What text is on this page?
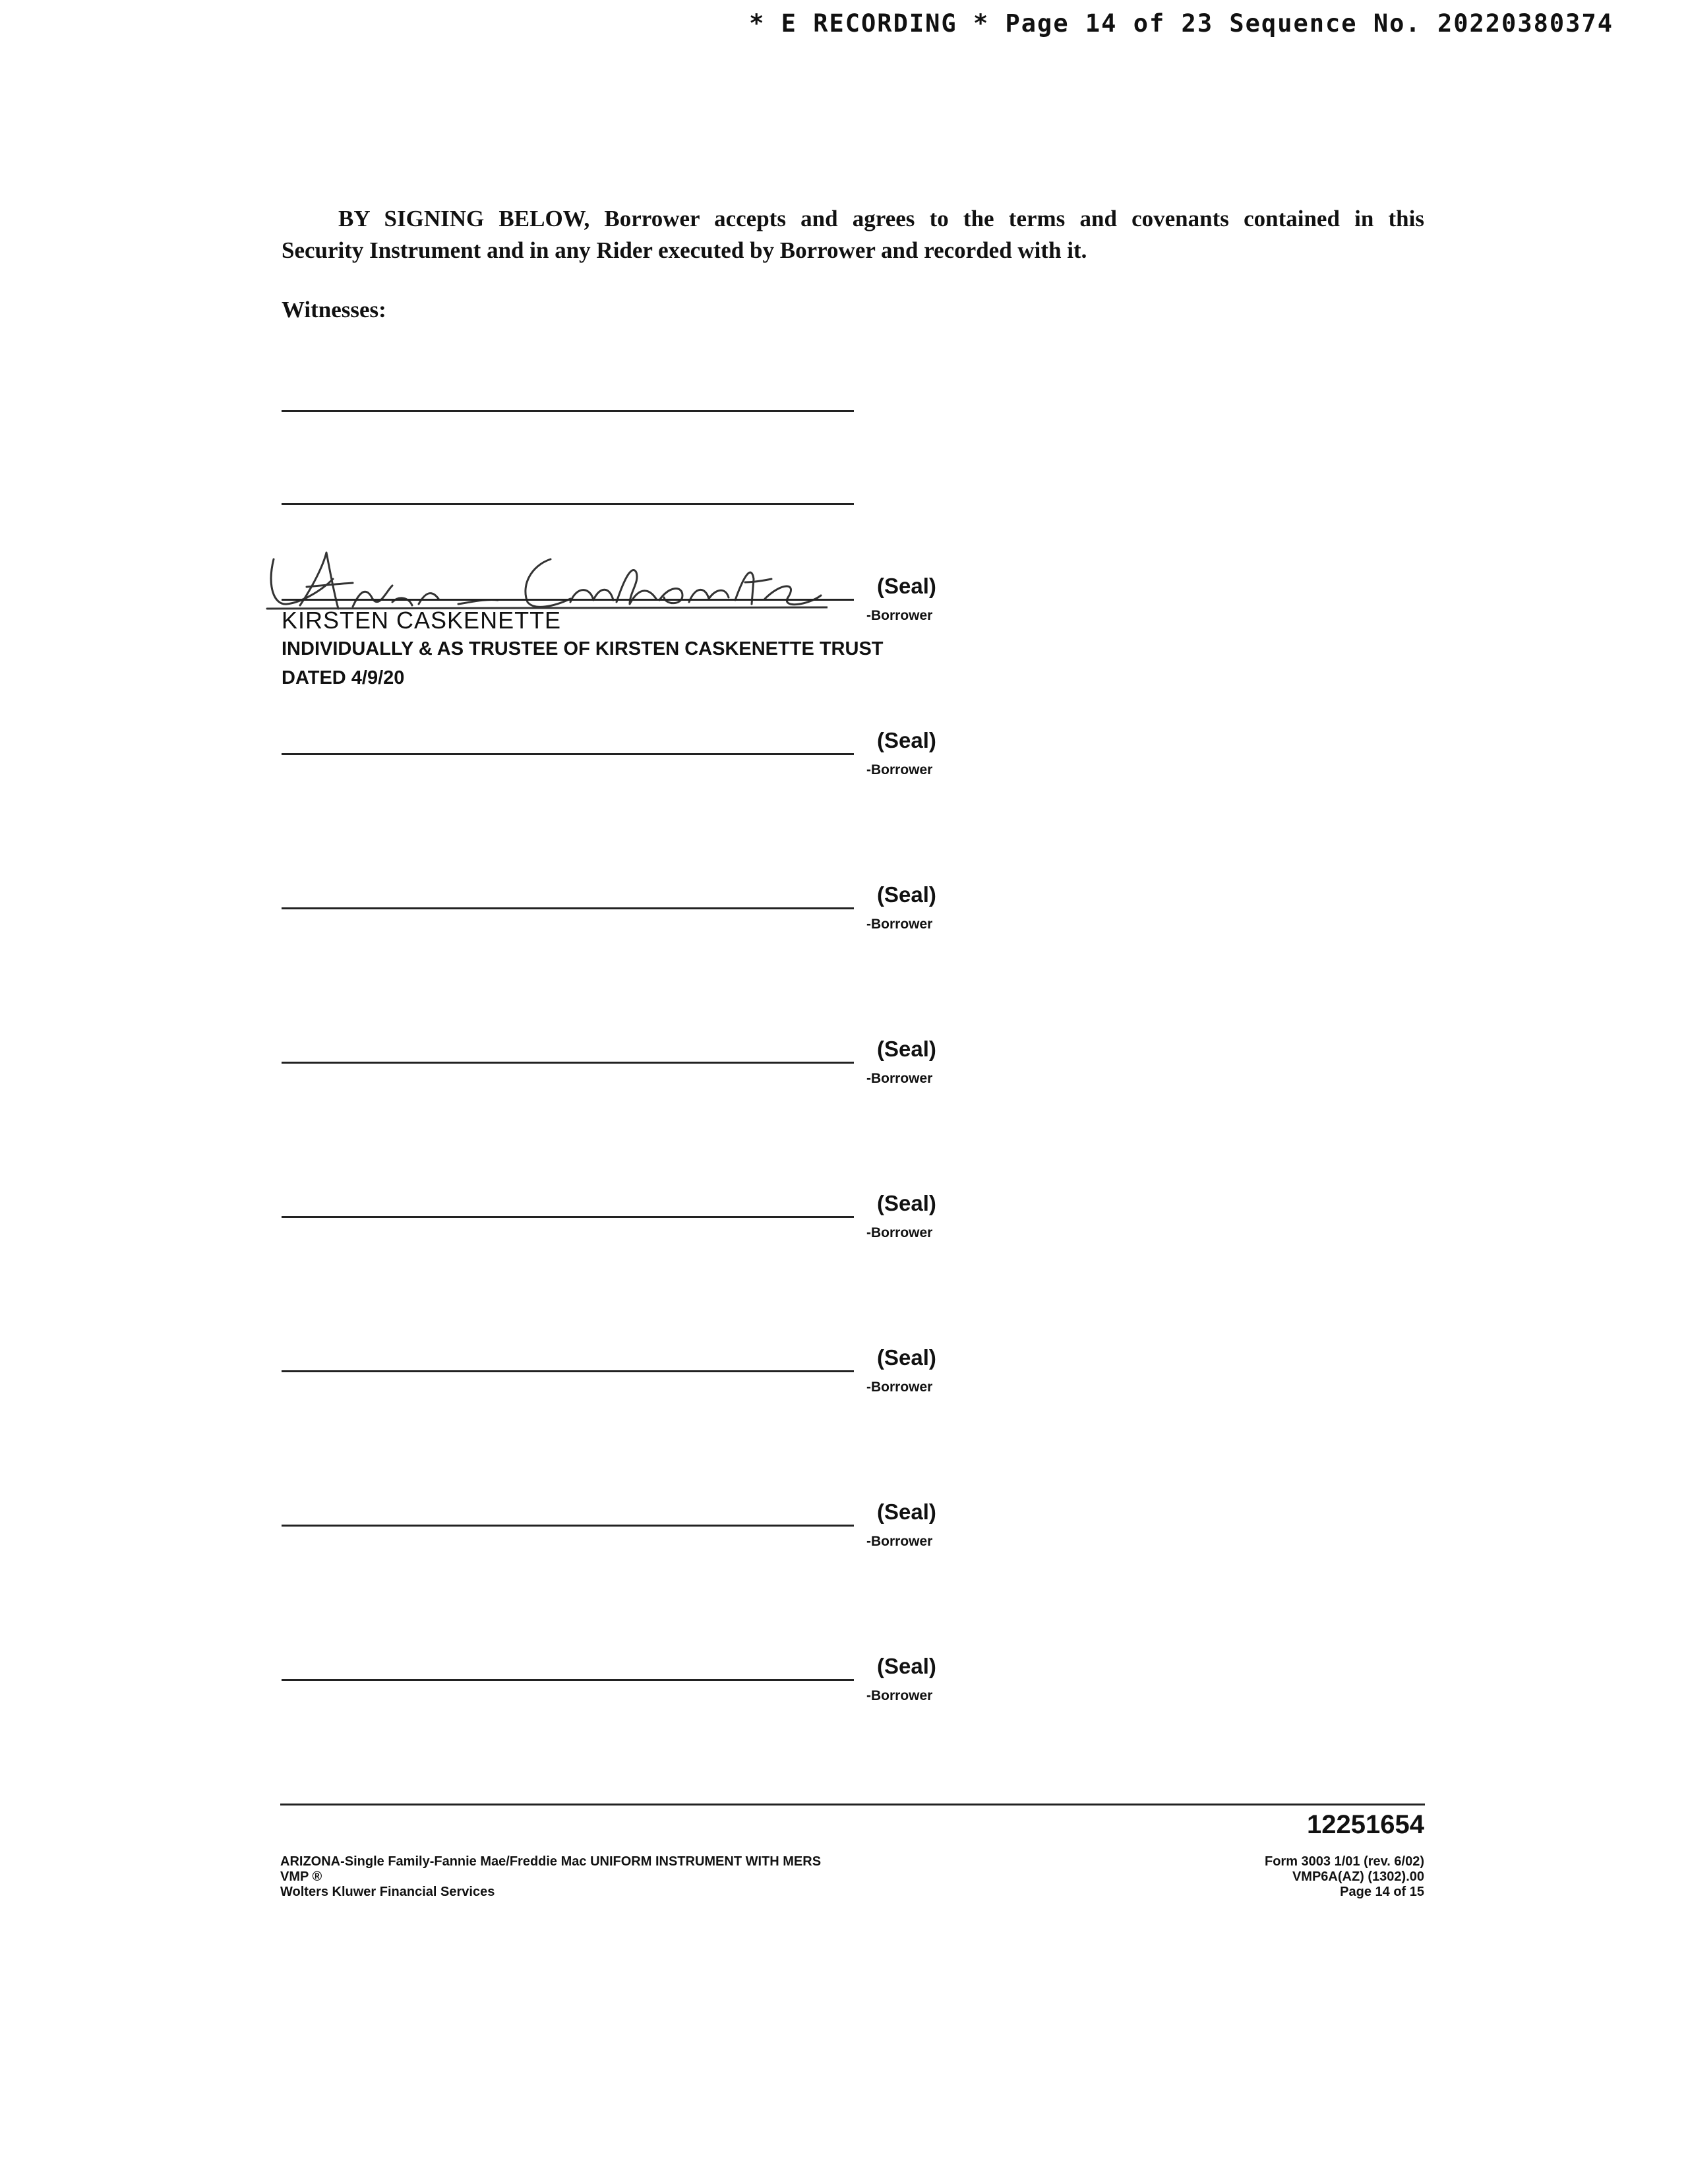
* E RECORDING * Page 14 of 23 Sequence No. 20220380374

BY SIGNING BELOW, Borrower accepts and agrees to the terms and covenants contained in this

Security Instrument and in any Rider executed by Borrower and recorded with it.

Witnesses:
(Seal)
-Borrower
KIRSTEN CASKENETTE
INDIVIDUALLY & AS TRUSTEE OF KIRSTEN CASKENETTE TRUST
DATED 4/9/20
(Seal)
-Borrower
(Seal)
-Borrower
(Seal)
-Borrower
(Seal)
-Borrower
(Seal)
-Borrower
(Seal)
-Borrower
(Seal)
-Borrower
12251654
ARIZONA-Single Family-Fannie Mae/Freddie Mac UNIFORM INSTRUMENT WITH MERS
VMP ®
Wolters Kluwer Financial Services
Form 3003 1/01 (rev. 6/02)
VMP6A(AZ) (1302).00
Page 14 of 15
